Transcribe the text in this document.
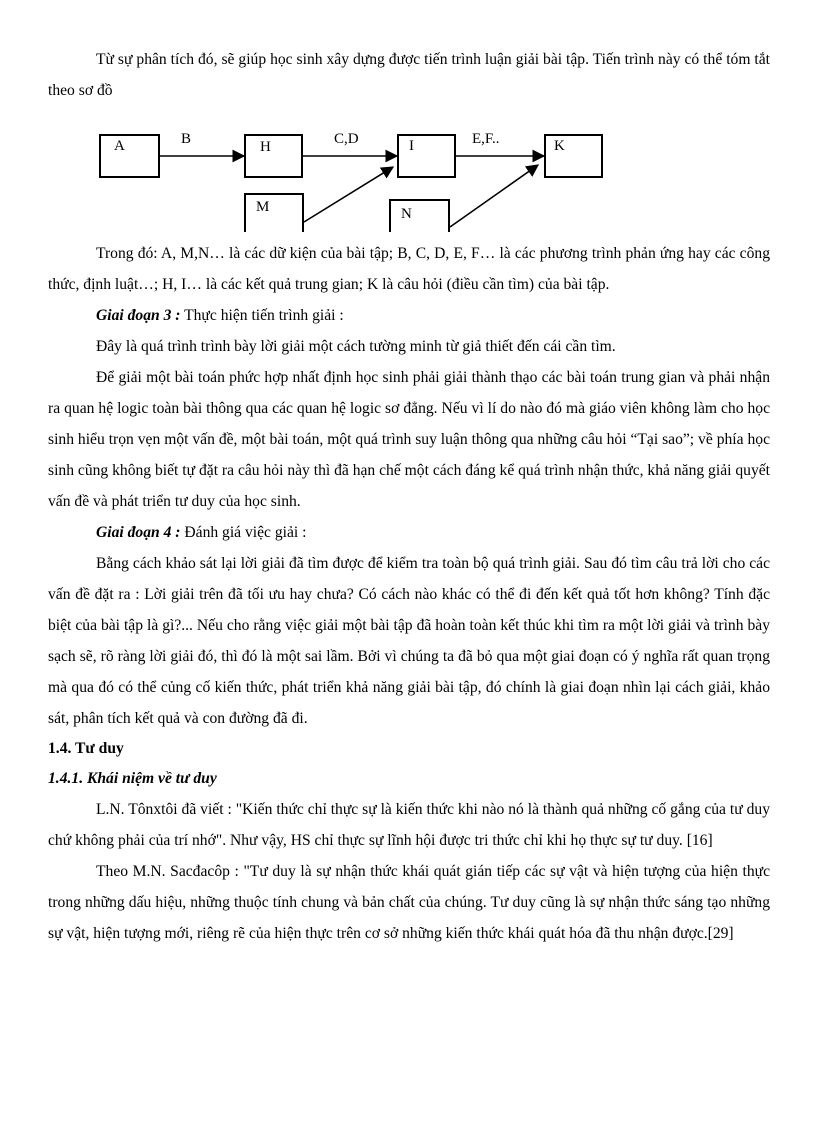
Từ sự phân tích đó, sẽ giúp học sinh xây dựng được tiến trình luận giải bài tập. Tiến trình này có thể tóm tắt theo sơ đồ

A	H	I	K
M	N
B	C,D	E,F..

Trong đó: A, M,N… là các dữ kiện của bài tập; B, C, D, E, F… là các phương trình phản ứng hay các công thức, định luật…; H, I… là các kết quả trung gian; K là câu hỏi (điều cần tìm) của bài tập.

Giai đoạn 3 : Thực hiện tiến trình giải :

Đây là quá trình trình bày lời giải một cách tường minh từ giả thiết đến cái cần tìm.

Để giải một bài toán phức hợp nhất định học sinh phải giải thành thạo các bài toán trung gian và phải nhận ra quan hệ logic toàn bài thông qua các quan hệ logic sơ đẳng. Nếu vì lí do nào đó mà giáo viên không làm cho học sinh hiểu trọn vẹn một vấn đề, một bài toán, một quá trình suy luận thông qua những câu hỏi “Tại sao”; về phía học sinh cũng không biết tự đặt ra câu hỏi này thì đã hạn chế một cách đáng kể quá trình nhận thức, khả năng giải quyết vấn đề và phát triển tư duy của học sinh.

Giai đoạn 4 : Đánh giá việc giải :

Bằng cách khảo sát lại lời giải đã tìm được để kiểm tra toàn bộ quá trình giải. Sau đó tìm câu trả lời cho các vấn đề đặt ra : Lời giải trên đã tối ưu hay chưa? Có cách nào khác có thể đi đến kết quả tốt hơn không? Tính đặc biệt của bài tập là gì?... Nếu cho rằng việc giải một bài tập đã hoàn toàn kết thúc khi tìm ra một lời giải và trình bày sạch sẽ, rõ ràng lời giải đó, thì đó là một sai lầm. Bởi vì chúng ta đã bỏ qua một giai đoạn có ý nghĩa rất quan trọng mà qua đó có thể củng cố kiến thức, phát triển khả năng giải bài tập, đó chính là giai đoạn nhìn lại cách giải, khảo sát, phân tích kết quả và con đường đã đi.

1.4. Tư duy
1.4.1. Khái niệm về tư duy

L.N. Tônxtôi đã viết : "Kiến thức chỉ thực sự là kiến thức khi nào nó là thành quả những cố gắng của tư duy chứ không phải của trí nhớ". Như vậy, HS chỉ thực sự lĩnh hội được tri thức chỉ khi họ thực sự tư duy. [16]

Theo M.N. Sacđacôp : "Tư duy là sự nhận thức khái quát gián tiếp các sự vật và hiện tượng của hiện thực trong những dấu hiệu, những thuộc tính chung và bản chất của chúng. Tư duy cũng là sự nhận thức sáng tạo những sự vật, hiện tượng mới, riêng rẽ của hiện thực trên cơ sở những kiến thức khái quát hóa đã thu nhận được.[29]
